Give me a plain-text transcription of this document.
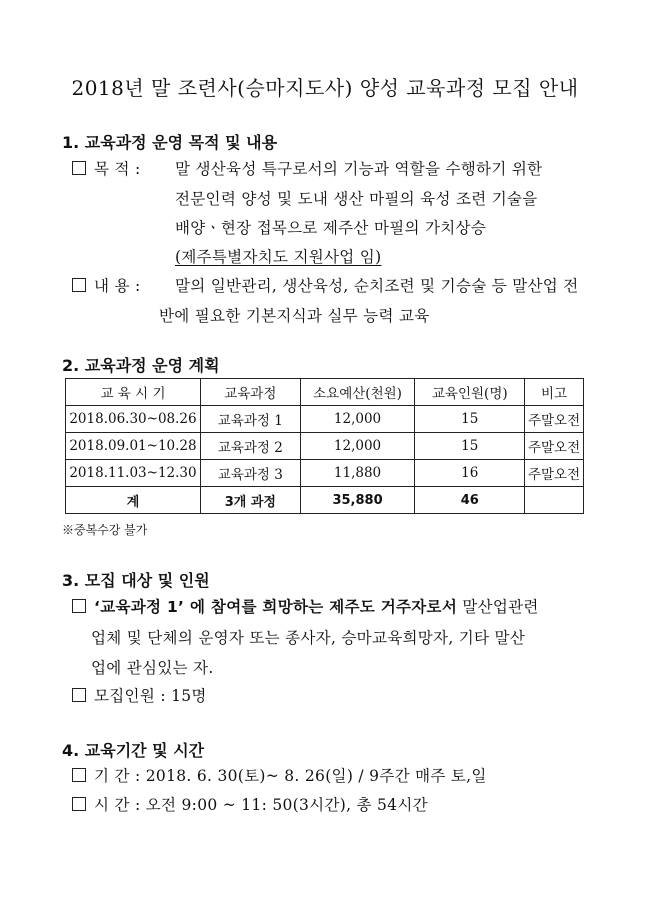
2018년 말 조련사(승마지도사) 양성 교육과정 모집 안내
1. 교육과정 운영 목적 및 내용
목 적 : 말 생산육성 특구로서의 기능과 역할을 수행하기 위한
전문인력 양성 및 도내 생산 마필의 육성 조련 기술을
배양ㆍ현장 접목으로 제주산 마필의 가치상승
(제주특별자치도 지원사업 임)
내 용 : 말의 일반관리, 생산육성, 순치조련 및 기승술 등 말산업 전
반에 필요한 기본지식과 실무 능력 교육
2. 교육과정 운영 계획
교 육 시 기	교육과정	소요예산(천원)	교육인원(명)	비고
2018.06.30~08.26	교육과정 1	12,000	15	주말오전
2018.09.01~10.28	교육과정 2	12,000	15	주말오전
2018.11.03~12.30	교육과정 3	11,880	16	주말오전
계	3개 과정	35,880	46	
※중복수강 불가
3. 모집 대상 및 인원
‘교육과정 1’ 에 참여를 희망하는 제주도 거주자로서 말산업관련
업체 및 단체의 운영자 또는 종사자, 승마교육희망자, 기타 말산
업에 관심있는 자.
모집인원 : 15명
4. 교육기간 및 시간
기 간 : 2018. 6. 30(토)~ 8. 26(일) / 9주간 매주 토,일
시 간 : 오전 9:00 ~ 11: 50(3시간), 총 54시간
